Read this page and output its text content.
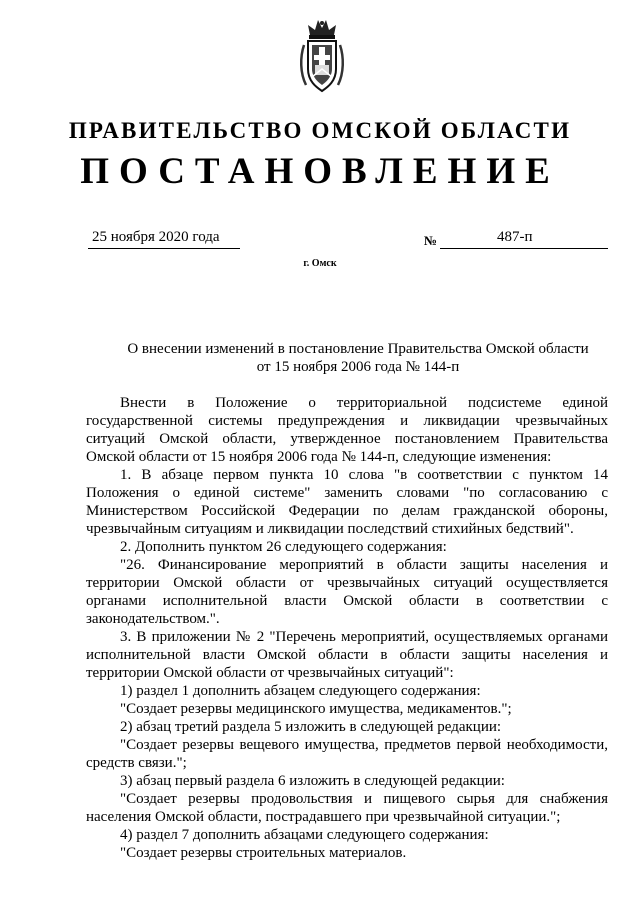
ПРАВИТЕЛЬСТВО ОМСКОЙ ОБЛАСТИ
ПОСТАНОВЛЕНИЕ
25 ноября 2020 года	№	487-п
г. Омск
О внесении изменений в постановление Правительства Омской области
от 15 ноября 2006 года № 144-п

Внести в Положение о территориальной подсистеме единой государственной системы предупреждения и ликвидации чрезвычайных ситуаций Омской области, утвержденное постановлением Правительства Омской области от 15 ноября 2006 года № 144-п, следующие изменения:

1. В абзаце первом пункта 10 слова "в соответствии с пунктом 14 Положения о единой системе" заменить словами "по согласованию с Министерством Российской Федерации по делам гражданской обороны, чрезвычайным ситуациям и ликвидации последствий стихийных бедствий".

2. Дополнить пунктом 26 следующего содержания:

"26. Финансирование мероприятий в области защиты населения и территории Омской области от чрезвычайных ситуаций осуществляется органами исполнительной власти Омской области в соответствии с законодательством.".

3. В приложении № 2 "Перечень мероприятий, осуществляемых органами исполнительной власти Омской области в области защиты населения и территории Омской области от чрезвычайных ситуаций":

1) раздел 1 дополнить абзацем следующего содержания:

"Создает резервы медицинского имущества, медикаментов.";

2) абзац третий раздела 5 изложить в следующей редакции:

"Создает резервы вещевого имущества, предметов первой необходимости, средств связи.";

3) абзац первый раздела 6 изложить в следующей редакции:

"Создает резервы продовольствия и пищевого сырья для снабжения населения Омской области, пострадавшего при чрезвычайной ситуации.";

4) раздел 7 дополнить абзацами следующего содержания:

"Создает резервы строительных материалов.
